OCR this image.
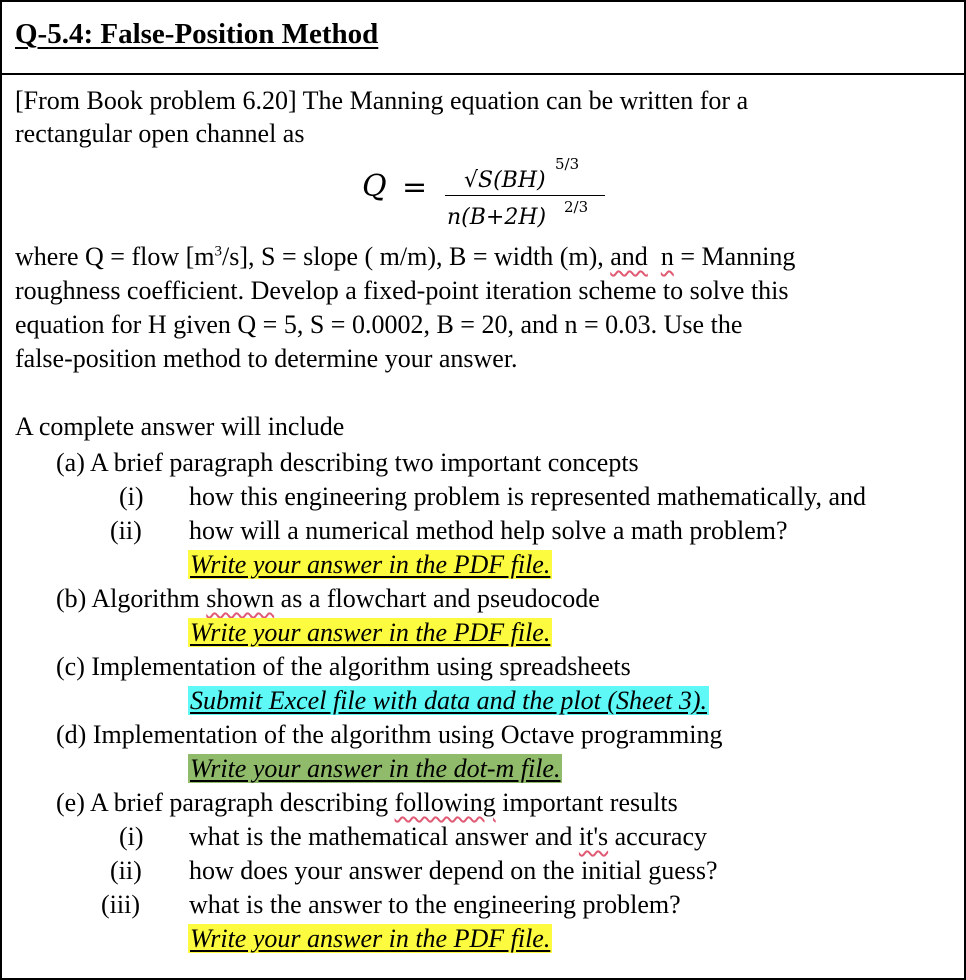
Q-5.4: False-Position Method
[From Book problem 6.20] The Manning equation can be written for a
rectangular open channel as
Q = √S(BH)
5/3
n(B+2H) 2/3
where Q = flow $[m^3/s]$, S = slope ( m/m), B = width (m), and n = Manning
roughness coefficient. Develop a fixed-point iteration scheme to solve this
equation for H given Q = 5, S = 0.0002, B = 20, and n = 0.03. Use the
false-position method to determine your answer.
A complete answer will include
(a) A brief paragraph describing two important concepts
(i) how this engineering problem is represented mathematically, and
(ii) how will a numerical method help solve a math problem?
Write your answer in the PDF file.
(b) Algorithm shown as a flowchart and pseudocode
Write your answer in the PDF file.
(c) Implementation of the algorithm using spreadsheets
Submit Excel file with data and the plot (Sheet 3).
(d) Implementation of the algorithm using Octave programming
Write your answer in the dot-m file.
(e) A brief paragraph describing following important results
(i) what is the mathematical answer and it's accuracy
(ii) how does your answer depend on the initial guess?
(iii) what is the answer to the engineering problem?
Write your answer in the PDF file.
